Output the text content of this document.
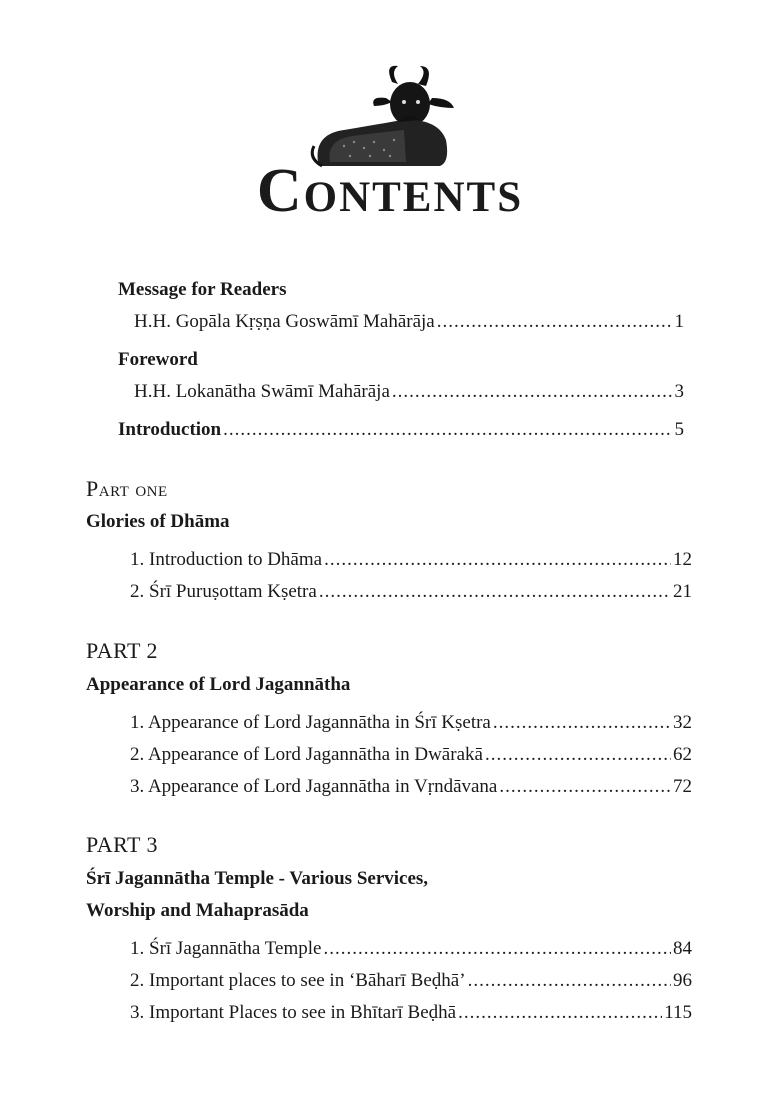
Contents
Message for Readers
H.H. Gopāla Kṛṣṇa Goswāmī Mahārāja .....	1
Foreword
H.H. Lokanātha Swāmī Mahārāja .....	3
Introduction .....	5
Part one
Glories of Dhāma
1. Introduction to Dhāma .....	12
2. Śrī Puruṣottam Kṣetra .....	21
PART 2
Appearance of Lord Jagannātha
1. Appearance of Lord Jagannātha in Śrī Kṣetra .....	32
2. Appearance of Lord Jagannātha in Dwārakā .....	62
3. Appearance of Lord Jagannātha in Vṛndāvana .....	72
PART 3
Śrī Jagannātha Temple - Various Services,
Worship and Mahaprasāda
1. Śrī Jagannātha Temple .....	84
2. Important places to see in ‘Bāharī Beḍhā’ .....	96
3. Important Places to see in Bhītarī Beḍhā .....	115
